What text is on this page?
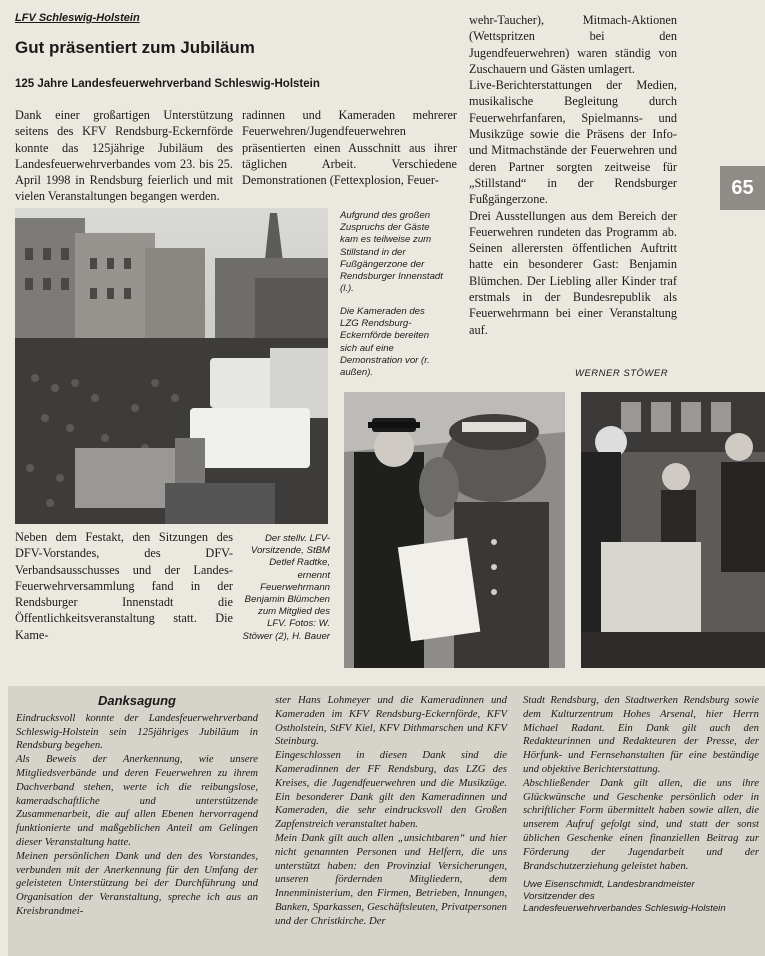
LFV Schleswig-Holstein
Gut präsentiert zum Jubiläum
125 Jahre Landesfeuerwehrverband Schleswig-Holstein
65

Dank einer großartigen Unterstützung seitens des KFV Rendsburg-Eckernförde konnte das 125jährige Jubiläum des Landesfeuerwehrverbandes vom 23. bis 25. April 1998 in Rendsburg feierlich und mit vielen Veranstaltungen begangen werden.

radinnen und Kameraden mehrerer Feuerwehren/Jugendfeuerwehren präsentierten einen Ausschnitt aus ihrer täglichen Arbeit. Verschiedene Demonstrationen (Fettexplosion, Feuer-

wehr-Taucher), Mitmach-Aktionen (Wettspritzen bei den Jugendfeuerwehren) waren ständig von Zuschauern und Gästen umlagert.

Live-Berichterstattungen der Medien, musikalische Begleitung durch Feuerwehrfanfaren, Spielmanns- und Musikzüge sowie die Präsens der Info- und Mitmachstände der Feuerwehren und deren Partner sorgten zeitweise für „Stillstand“ in der Rendsburger Fußgängerzone.

Drei Ausstellungen aus dem Bereich der Feuerwehren rundeten das Programm ab. Seinen allerersten öffentlichen Auftritt hatte ein besonderer Gast: Benjamin Blümchen. Der Liebling aller Kinder traf erstmals in der Bundesrepublik als Feuerwehrmann bei einer Veranstaltung auf.

WERNER STÖWER
Aufgrund des großen Zuspruchs der Gäste kam es teilweise zum Stillstand in der Fußgängerzone der Rendsburger Innenstadt (l.).
Die Kameraden des LZG Rendsburg-Eckernförde bereiten sich auf eine Demonstration vor (r. außen).

Neben dem Festakt, den Sitzungen des DFV-Vorstandes, des DFV-Verbandsausschusses und der Landes-Feuerwehrversammlung fand in der Rendsburger Innenstadt die Öffentlichkeitsveranstaltung statt. Die Kame-

Der stellv. LFV-Vorsitzende, StBM Detlef Radtke, ernennt Feuerwehrmann Benjamin Blümchen zum Mitglied des LFV. Fotos: W. Stöwer (2), H. Bauer
Danksagung

Eindrucksvoll konnte der Landesfeuerwehrverband Schleswig-Holstein sein 125jähriges Jubiläum in Rendsburg begehen.

Als Beweis der Anerkennung, wie unsere Mitgliedsverbände und deren Feuerwehren zu ihrem Dachverband stehen, werte ich die reibungslose, kameradschaftliche und unterstützende Zusammenarbeit, die auf allen Ebenen hervorragend funktionierte und maßgeblichen Anteil am Gelingen dieser Veranstaltung hatte.

Meinen persönlichen Dank und den des Vorstandes, verbunden mit der Anerkennung für den Umfang der geleisteten Unterstützung bei der Durchführung und Organisation der Veranstaltung, spreche ich aus an Kreisbrandmei-

ster Hans Lohmeyer und die Kameradinnen und Kameraden im KFV Rendsburg-Eckernförde, KFV Ostholstein, StFV Kiel, KFV Dithmarschen und KFV Steinburg.

Eingeschlossen in diesen Dank sind die Kameradinnen der FF Rendsburg, das LZG des Kreises, die Jugendfeuerwehren und die Musikzüge. Ein besonderer Dank gilt den Kameradinnen und Kameraden, die sehr eindrucksvoll den Großen Zapfenstreich veranstaltet haben.

Mein Dank gilt auch allen „unsichtbaren“ und hier nicht genannten Personen und Helfern, die uns unterstützt haben: den Provinzial Versicherungen, unseren fördernden Mitgliedern, dem Innenministerium, den Firmen, Betrieben, Innungen, Banken, Sparkassen, Geschäftsleuten, Privatpersonen und der Christkirche. Der

Stadt Rendsburg, den Stadtwerken Rendsburg sowie dem Kulturzentrum Hohes Arsenal, hier Herrn Michael Radant. Ein Dank gilt auch den Redakteurinnen und Redakteuren der Presse, der Hörfunk- und Fernsehanstalten für eine beständige und objektive Berichterstattung.

Abschließender Dank gilt allen, die uns ihre Glückwünsche und Geschenke persönlich oder in schriftlicher Form übermittelt haben sowie allen, die unserem Aufruf gefolgt sind, und statt der sonst üblichen Geschenke einen finanziellen Beitrag zur Förderung der Jugendarbeit und der Brandschutzerziehung geleistet haben.

Uwe Eisenschmidt, Landesbrandmeister
Vorsitzender des
Landesfeuerwehrverbandes Schleswig-Holstein
